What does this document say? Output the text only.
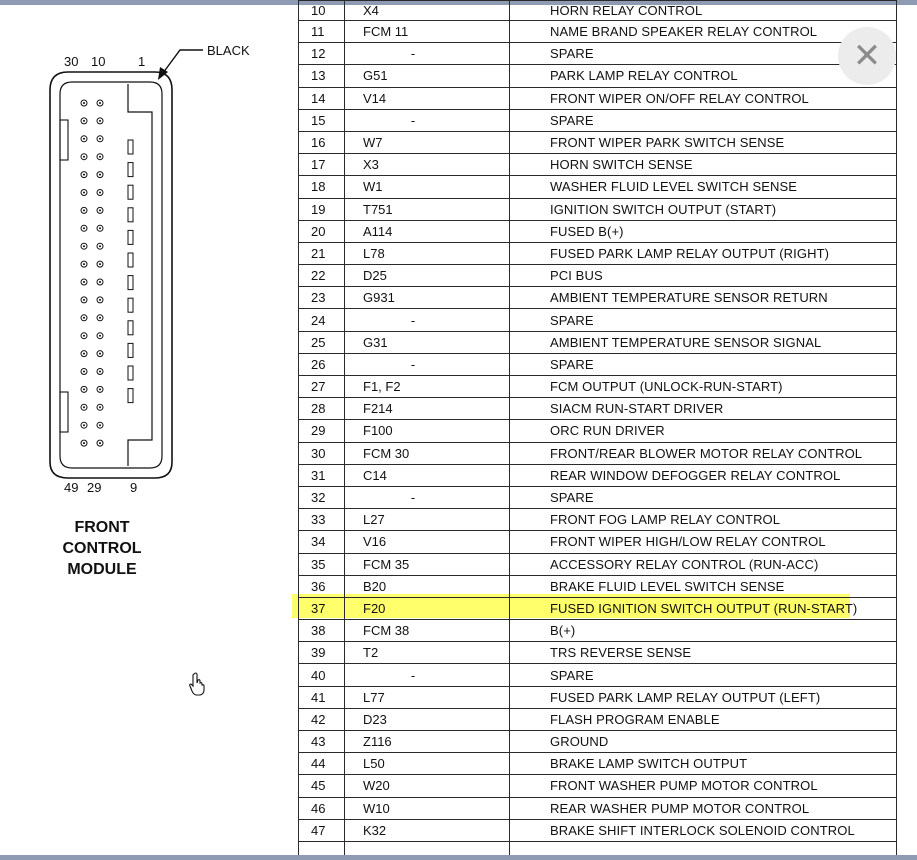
30 10	1
BLACK
FRONT
CONTROL
MODULE
49 29 9
10	X4	HORN RELAY CONTROL
11	FCM 11	NAME BRAND SPEAKER RELAY CONTROL
12	-	SPARE
13	G51	PARK LAMP RELAY CONTROL
14	V14	FRONT WIPER ON/OFF RELAY CONTROL
15	-	SPARE
16	W7	FRONT WIPER PARK SWITCH SENSE
17	X3	HORN SWITCH SENSE
18	W1	WASHER FLUID LEVEL SWITCH SENSE
19	T751	IGNITION SWITCH OUTPUT (START)
20	A114	FUSED B(+)
21	L78	FUSED PARK LAMP RELAY OUTPUT (RIGHT)
22	D25	PCI BUS
23	G931	AMBIENT TEMPERATURE SENSOR RETURN
24	-	SPARE
25	G31	AMBIENT TEMPERATURE SENSOR SIGNAL
26	-	SPARE
27	F1, F2	FCM OUTPUT (UNLOCK-RUN-START)
28	F214	SIACM RUN-START DRIVER
29	F100	ORC RUN DRIVER
30	FCM 30	FRONT/REAR BLOWER MOTOR RELAY CONTROL
31	C14	REAR WINDOW DEFOGGER RELAY CONTROL
32	-	SPARE
33	L27	FRONT FOG LAMP RELAY CONTROL
34	V16	FRONT WIPER HIGH/LOW RELAY CONTROL
35	FCM 35	ACCESSORY RELAY CONTROL (RUN-ACC)
36	B20	BRAKE FLUID LEVEL SWITCH SENSE
37	F20	FUSED IGNITION SWITCH OUTPUT (RUN-START)
38	FCM 38	B(+)
39	T2	TRS REVERSE SENSE
40	-	SPARE
41	L77	FUSED PARK LAMP RELAY OUTPUT (LEFT)
42	D23	FLASH PROGRAM ENABLE
43	Z116	GROUND
44	L50	BRAKE LAMP SWITCH OUTPUT
45	W20	FRONT WASHER PUMP MOTOR CONTROL
46	W10	REAR WASHER PUMP MOTOR CONTROL
47	K32	BRAKE SHIFT INTERLOCK SOLENOID CONTROL

✕
